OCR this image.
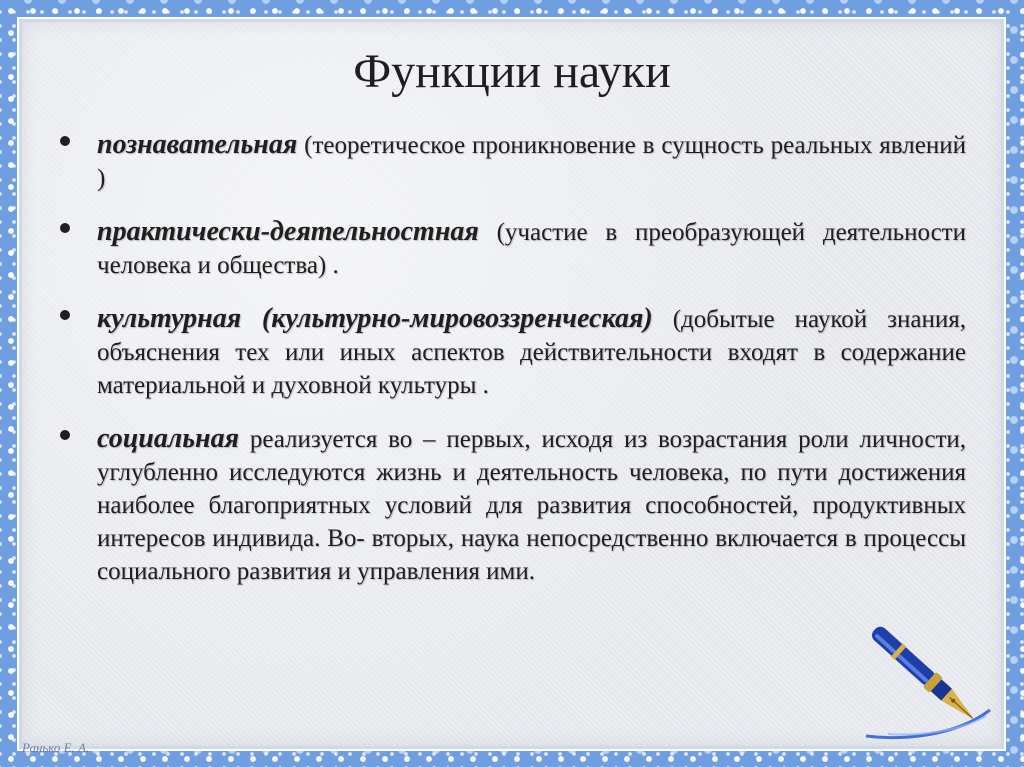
Функции науки
познавательная (теоретическое проникновение в сущность реальных явлений )
практически-деятельностная (участие в преобразующей деятельности человека и общества) .
культурная (культурно-мировоззренческая) (добытые наукой знания, объяснения тех или иных аспектов действительности входят в содержание материальной и духовной культуры .
социальная реализуется во – первых, исходя из возрастания роли личности, углубленно исследуются жизнь и деятельность человека, по пути достижения наиболее благоприятных условий для развития способностей, продуктивных интересов индивида. Во- вторых, наука непосредственно включается в процессы социального развития и управления ими.
Ранько Е. А.
